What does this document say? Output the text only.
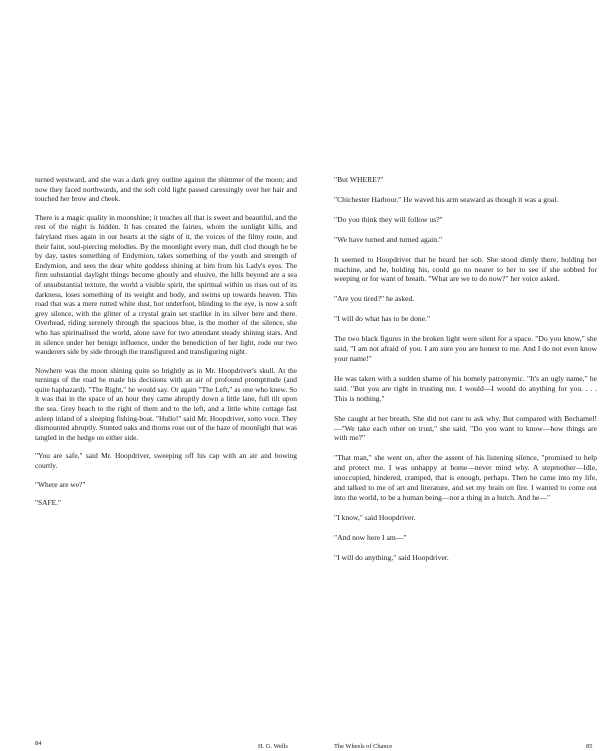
turned westward, and she was a dark grey outline against the shimmer of the moon; and now they faced northwards, and the soft cold light passed caressingly over her hair and touched her brow and cheek.

There is a magic quality in moonshine; it touches all that is sweet and beautiful, and the rest of the night is hidden. It has created the fairies, whom the sunlight kills, and fairyland rises again in our hearts at the sight of it, the voices of the filmy route, and their faint, soul-piercing melodies. By the moonlight every man, dull clod though he be by day, tastes something of Endymion, takes something of the youth and strength of Endymion, and sees the dear white goddess shining at him from his Lady's eyes. The firm substantial daylight things become ghostly and elusive, the hills beyond are a sea of unsubstantial texture, the world a visible spirit, the spiritual within us rises out of its darkness, loses something of its weight and body, and swims up towards heaven. This road that was a mere rutted white dust, hot underfoot, blinding to the eye, is now a soft grey silence, with the glitter of a crystal grain set starlike in its silver here and there. Overhead, riding serenely through the spacious blue, is the mother of the silence, she who has spiritualised the world, alone save for two attendant steady shining stars. And in silence under her benign influence, under the benediction of her light, rode our two wanderers side by side through the transfigured and transfiguring night.

Nowhere was the moon shining quite so brightly as in Mr. Hoopdriver's skull. At the turnings of the road he made his decisions with an air of profound promptitude (and quite haphazard). "The Right," he would say. Or again "The Left," as one who knew. So it was that in the space of an hour they came abruptly down a little lane, full tilt upon the sea. Grey beach to the right of them and to the left, and a little white cottage fast asleep inland of a sleeping fishing-boat. "Hullo!" said Mr. Hoopdriver, sotto voce. They dismounted abruptly. Stunted oaks and thorns rose out of the haze of moonlight that was tangled in the hedge on either side.

"You are safe," said Mr. Hoopdriver, sweeping off his cap with an air and bowing courtly.

"Where are we?"

"SAFE."

"But WHERE?"

"Chichester Harbour." He waved his arm seaward as though it was a goal.

"Do you think they will follow us?"

"We have turned and turned again."

It seemed to Hoopdriver that he heard her sob. She stood dimly there, holding her machine, and he, holding his, could go no nearer to her to see if she sobbed for weeping or for want of breath. "What are we to do now?" her voice asked.

"Are you tired?" he asked.

"I will do what has to be done."

The two black figures in the broken light were silent for a space. "Do you know," she said, "I am not afraid of you. I am sure you are honest to me. And I do not even know your name!"

He was taken with a sudden shame of his homely patronymic. "It's an ugly name," he said. "But you are right in trusting me. I would—I would do anything for you. . . . This is nothing."

She caught at her breath. She did not care to ask why. But compared with Bechamel!—"We take each other on trust," she said. "Do you want to know—how things are with me?"

"That man," she went on, after the assent of his listening silence, "promised to help and protect me. I was unhappy at home—never mind why. A stepmother—Idle, unoccupied, hindered, cramped, that is enough, perhaps. Then he came into my life, and talked to me of art and literature, and set my brain on fire. I wanted to come out into the world, to be a human being—not a thing in a hutch. And he—"

"I know," said Hoopdriver.

"And now here I am—"

"I will do anything," said Hoopdriver.

84	H. G. Wells	The Wheels of Chance	85
